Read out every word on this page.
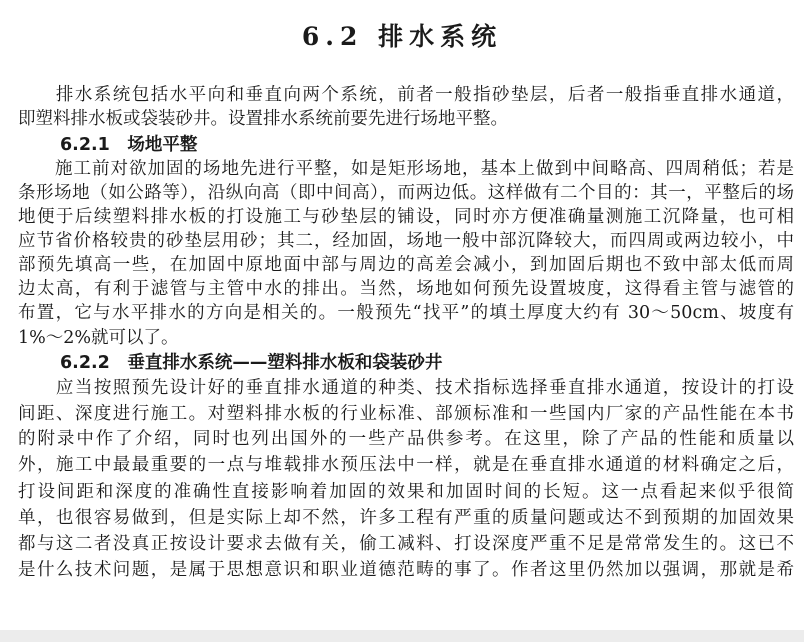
6.2 排水系统
　　排水系统包括水平向和垂直向两个系统，前者一般指砂垫层，后者一般指垂直排水通道，
即塑料排水板或袋装砂井。设置排水系统前要先进行场地平整。
6.2.1　场地平整
　　施工前对欲加固的场地先进行平整，如是矩形场地，基本上做到中间略高、四周稍低；若是
条形场地（如公路等），沿纵向高（即中间高），而两边低。这样做有二个目的：其一，平整后的场
地便于后续塑料排水板的打设施工与砂垫层的铺设，同时亦方便准确量测施工沉降量，也可相
应节省价格较贵的砂垫层用砂；其二，经加固，场地一般中部沉降较大，而四周或两边较小，中
部预先填高一些，在加固中原地面中部与周边的高差会减小，到加固后期也不致中部太低而周
边太高，有利于滤管与主管中水的排出。当然，场地如何预先设置坡度，这得看主管与滤管的
布置，它与水平排水的方向是相关的。一般预先“找平”的填土厚度大约有 30～50cm、坡度有
1%～2%就可以了。
6.2.2　垂直排水系统——塑料排水板和袋装砂井
　　应当按照预先设计好的垂直排水通道的种类、技术指标选择垂直排水通道，按设计的打设
间距、深度进行施工。对塑料排水板的行业标准、部颁标准和一些国内厂家的产品性能在本书
的附录中作了介绍，同时也列出国外的一些产品供参考。在这里，除了产品的性能和质量以
外，施工中最最重要的一点与堆载排水预压法中一样，就是在垂直排水通道的材料确定之后，
打设间距和深度的准确性直接影响着加固的效果和加固时间的长短。这一点看起来似乎很简
单，也很容易做到，但是实际上却不然，许多工程有严重的质量问题或达不到预期的加固效果
都与这二者没真正按设计要求去做有关，偷工减料、打设深度严重不足是常常发生的。这已不
是什么技术问题，是属于思想意识和职业道德范畴的事了。作者这里仍然加以强调，那就是希
